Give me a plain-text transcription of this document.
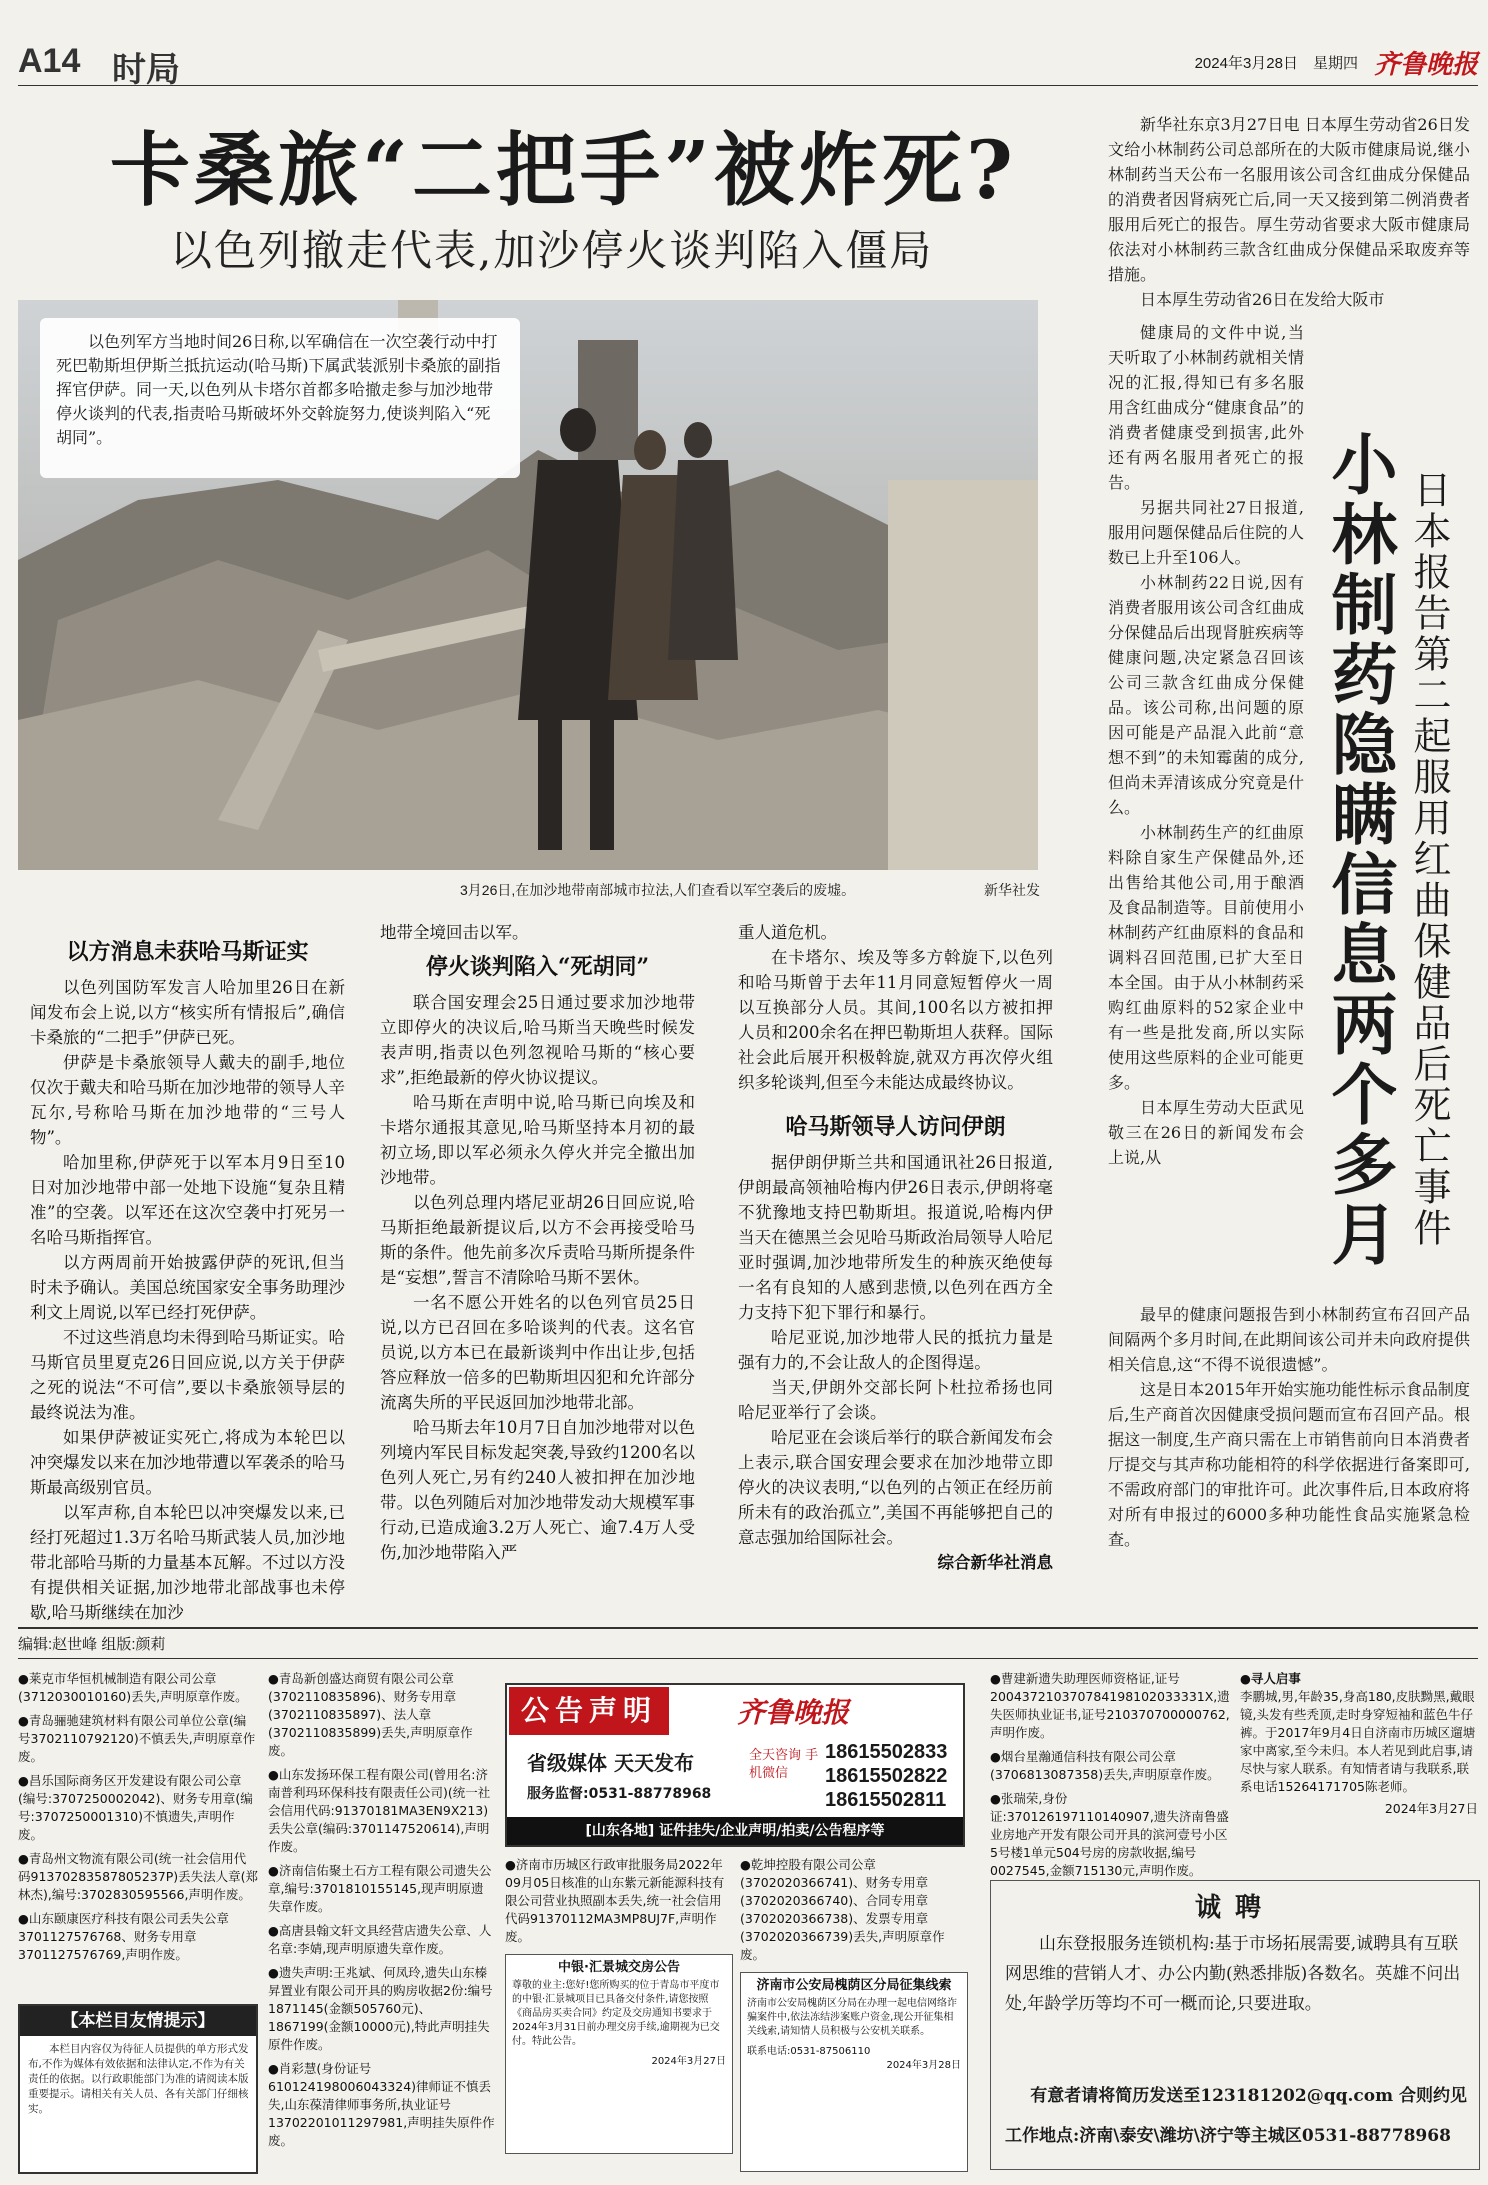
A14 时局	2024年3月28日 星期四 齐鲁晚报
卡桑旅“二把手”被炸死?
以色列撤走代表,加沙停火谈判陷入僵局
以色列军方当地时间26日称,以军确信在一次空袭行动中打死巴勒斯坦伊斯兰抵抗运动(哈马斯)下属武装派别卡桑旅的副指挥官伊萨。同一天,以色列从卡塔尔首都多哈撤走参与加沙地带停火谈判的代表,指责哈马斯破坏外交斡旋努力,使谈判陷入“死胡同”。
3月26日,在加沙地带南部城市拉法,人们查看以军空袭后的废墟。	新华社发
以方消息未获哈马斯证实

以色列国防军发言人哈加里26日在新闻发布会上说,以方“核实所有情报后”,确信卡桑旅的“二把手”伊萨已死。

伊萨是卡桑旅领导人戴夫的副手,地位仅次于戴夫和哈马斯在加沙地带的领导人辛瓦尔,号称哈马斯在加沙地带的“三号人物”。

哈加里称,伊萨死于以军本月9日至10日对加沙地带中部一处地下设施“复杂且精准”的空袭。以军还在这次空袭中打死另一名哈马斯指挥官。

以方两周前开始披露伊萨的死讯,但当时未予确认。美国总统国家安全事务助理沙利文上周说,以军已经打死伊萨。

不过这些消息均未得到哈马斯证实。哈马斯官员里夏克26日回应说,以方关于伊萨之死的说法“不可信”,要以卡桑旅领导层的最终说法为准。

如果伊萨被证实死亡,将成为本轮巴以冲突爆发以来在加沙地带遭以军袭杀的哈马斯最高级别官员。

以军声称,自本轮巴以冲突爆发以来,已经打死超过1.3万名哈马斯武装人员,加沙地带北部哈马斯的力量基本瓦解。不过以方没有提供相关证据,加沙地带北部战事也未停歇,哈马斯继续在加沙

地带全境回击以军。
停火谈判陷入“死胡同”

联合国安理会25日通过要求加沙地带立即停火的决议后,哈马斯当天晚些时候发表声明,指责以色列忽视哈马斯的“核心要求”,拒绝最新的停火协议提议。

哈马斯在声明中说,哈马斯已向埃及和卡塔尔通报其意见,哈马斯坚持本月初的最初立场,即以军必须永久停火并完全撤出加沙地带。

以色列总理内塔尼亚胡26日回应说,哈马斯拒绝最新提议后,以方不会再接受哈马斯的条件。他先前多次斥责哈马斯所提条件是“妄想”,誓言不清除哈马斯不罢休。

一名不愿公开姓名的以色列官员25日说,以方已召回在多哈谈判的代表。这名官员说,以方本已在最新谈判中作出让步,包括答应释放一倍多的巴勒斯坦囚犯和允许部分流离失所的平民返回加沙地带北部。

哈马斯去年10月7日自加沙地带对以色列境内军民目标发起突袭,导致约1200名以色列人死亡,另有约240人被扣押在加沙地带。以色列随后对加沙地带发动大规模军事行动,已造成逾3.2万人死亡、逾7.4万人受伤,加沙地带陷入严

重人道危机。

在卡塔尔、埃及等多方斡旋下,以色列和哈马斯曾于去年11月同意短暂停火一周以互换部分人员。其间,100名以方被扣押人员和200余名在押巴勒斯坦人获释。国际社会此后展开积极斡旋,就双方再次停火组织多轮谈判,但至今未能达成最终协议。

哈马斯领导人访问伊朗

据伊朗伊斯兰共和国通讯社26日报道,伊朗最高领袖哈梅内伊26日表示,伊朗将毫不犹豫地支持巴勒斯坦。报道说,哈梅内伊当天在德黑兰会见哈马斯政治局领导人哈尼亚时强调,加沙地带所发生的种族灭绝使每一名有良知的人感到悲愤,以色列在西方全力支持下犯下罪行和暴行。

哈尼亚说,加沙地带人民的抵抗力量是强有力的,不会让敌人的企图得逞。

当天,伊朗外交部长阿卜杜拉希扬也同哈尼亚举行了会谈。

哈尼亚在会谈后举行的联合新闻发布会上表示,联合国安理会要求在加沙地带立即停火的决议表明,“以色列的占领正在经历前所未有的政治孤立”,美国不再能够把自己的意志强加给国际社会。

综合新华社消息

新华社东京3月27日电 日本厚生劳动省26日发文给小林制药公司总部所在的大阪市健康局说,继小林制药当天公布一名服用该公司含红曲成分保健品的消费者因肾病死亡后,同一天又接到第二例消费者服用后死亡的报告。厚生劳动省要求大阪市健康局依法对小林制药三款含红曲成分保健品采取废弃等措施。

日本厚生劳动省26日在发给大阪市

健康局的文件中说,当天听取了小林制药就相关情况的汇报,得知已有多名服用含红曲成分“健康食品”的消费者健康受到损害,此外还有两名服用者死亡的报告。

另据共同社27日报道,服用问题保健品后住院的人数已上升至106人。

小林制药22日说,因有消费者服用该公司含红曲成分保健品后出现肾脏疾病等健康问题,决定紧急召回该公司三款含红曲成分保健品。该公司称,出问题的原因可能是产品混入此前“意想不到”的未知霉菌的成分,但尚未弄清该成分究竟是什么。

小林制药生产的红曲原料除自家生产保健品外,还出售给其他公司,用于酿酒及食品制造等。目前使用小林制药产红曲原料的食品和调料召回范围,已扩大至日本全国。由于从小林制药采购红曲原料的52家企业中有一些是批发商,所以实际使用这些原料的企业可能更多。

日本厚生劳动大臣武见敬三在26日的新闻发布会上说,从	小林制药隐瞒信息两个多月 日本报告第二起服用红曲保健品后死亡事件

最早的健康问题报告到小林制药宣布召回产品间隔两个多月时间,在此期间该公司并未向政府提供相关信息,这“不得不说很遗憾”。

这是日本2015年开始实施功能性标示食品制度后,生产商首次因健康受损问题而宣布召回产品。根据这一制度,生产商只需在上市销售前向日本消费者厅提交与其声称功能相符的科学依据进行备案即可,不需政府部门的审批许可。此次事件后,日本政府将对所有申报过的6000多种功能性食品实施紧急检查。

编辑:赵世峰 组版:颜莉
●莱克市华恒机械制造有限公司公章(3712030010160)丢失,声明原章作废。
●青岛骊驰建筑材料有限公司单位公章(编号3702110792120)不慎丢失,声明原章作废。
●昌乐国际商务区开发建设有限公司公章(编号:3707250002042)、财务专用章(编号:3707250001310)不慎遗失,声明作废。
●青岛州文物流有限公司(统一社会信用代码91370283587805237P)丢失法人章(郑林杰),编号:3702830595566,声明作废。
●山东颐康医疗科技有限公司丢失公章3701127576768、财务专用章3701127576769,声明作废。
【本栏目友情提示】
本栏目内容仅为待征人员提供的单方形式发布,不作为媒体有效依据和法律认定,不作为有关责任的依据。以行政职能部门为准的请阅读本版重要提示。请相关有关人员、各有关部门仔细核实。
●青岛新创盛达商贸有限公司公章(3702110835896)、财务专用章(3702110835897)、法人章(3702110835899)丢失,声明原章作废。
●山东发扬环保工程有限公司(曾用名:济南普利玛环保科技有限责任公司)(统一社会信用代码:91370181MA3EN9X213)丢失公章(编码:3701147520614),声明作废。
●济南信佑聚土石方工程有限公司遗失公章,编号:3701810155145,现声明原遗失章作废。
●高唐县翰文轩文具经营店遗失公章、人名章:李婧,现声明原遗失章作废。
●遗失声明:王兆斌、何凤玲,遗失山东榛昇置业有限公司开具的购房收据2份:编号1871145(金额505760元)、1867199(金额10000元),特此声明挂失原件作废。
●肖彩慧(身份证号610124198006043324)律师证不慎丢失,山东葆清律师事务所,执业证号13702201011297981,声明挂失原件作废。
公告声明	齐鲁晚报
省级媒体 天天发布	全天咨询 手机微信
18615502833
18615502822
18615502811
服务监督:0531-88778968
[山东各地] 证件挂失/企业声明/拍卖/公告程序等
●济南市历城区行政审批服务局2022年09月05日核准的山东紫元新能源科技有限公司营业执照副本丢失,统一社会信用代码91370112MA3MP8UJ7F,声明作废。
中银·汇景城交房公告
尊敬的业主:您好!您所购买的位于青岛市平度市的中银·汇景城项目已具备交付条件,请您按照《商品房买卖合同》约定及交房通知书要求于2024年3月31日前办理交房手续,逾期视为已交付。特此公告。
2024年3月27日
●乾坤控股有限公司公章(3702020366741)、财务专用章(3702020366740)、合同专用章(3702020366738)、发票专用章(3702020366739)丢失,声明原章作废。
济南市公安局槐荫区分局征集线索
济南市公安局槐荫区分局在办理一起电信网络诈骗案件中,依法冻结涉案账户资金,现公开征集相关线索,请知情人员积极与公安机关联系。
联系电话:0531-87506110
2024年3月28日
●曹建新遗失助理医师资格证,证号200437210370784198102033331X,遗失医师执业证书,证号210370700000762,声明作废。
●烟台星瀚通信科技有限公司公章(3706813087358)丢失,声明原章作废。
●张瑞荣,身份证:370126197110140907,遗失济南鲁盛业房地产开发有限公司开具的滨河壹号小区5号楼1单元504号房的房款收据,编号0027545,金额715130元,声明作废。
●寻人启事
李鹏城,男,年龄35,身高180,皮肤黝黑,戴眼镜,头发有些秃顶,走时身穿短袖和蓝色牛仔裤。于2017年9月4日自济南市历城区遛塘家中离家,至今未归。本人若见到此启事,请尽快与家人联系。有知情者请与我联系,联系电话15264171705陈老师。
2024年3月27日
诚聘
山东登报服务连锁机构:基于市场拓展需要,诚聘具有互联网思维的营销人才、办公内勤(熟悉排版)各数名。英雄不问出处,年龄学历等均不可一概而论,只要进取。
有意者请将简历发送至123181202@qq.com 合则约见
工作地点:济南\泰安\潍坊\济宁等主城区0531-88778968
